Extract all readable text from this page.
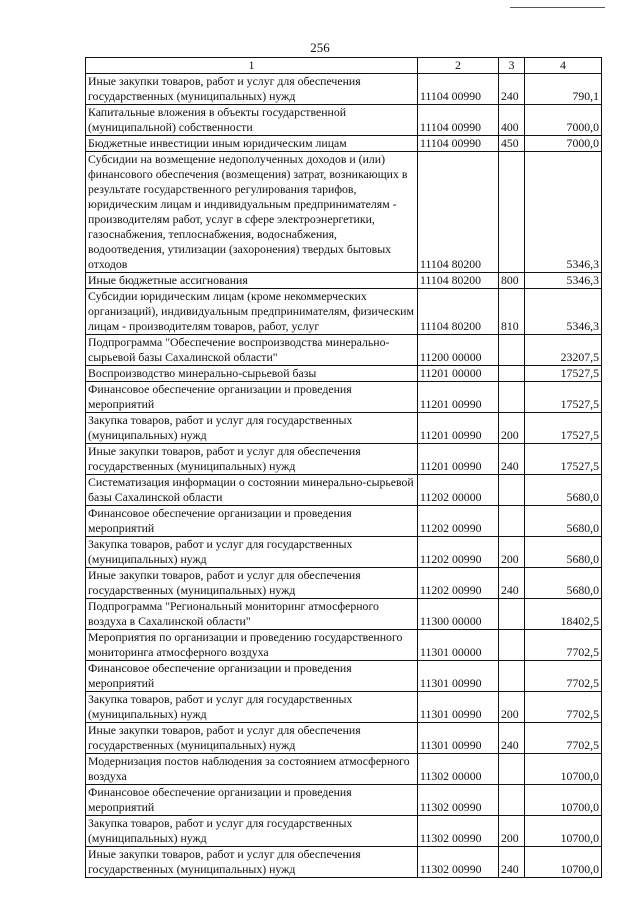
256
1	2	3	4
Иные закупки товаров, работ и услуг для обеспечения государственных (муниципальных) нужд	11104 00990	240	790,1
Капитальные вложения в объекты государственной (муниципальной) собственности	11104 00990	400	7000,0
Бюджетные инвестиции иным юридическим лицам	11104 00990	450	7000,0
Субсидии на возмещение недополученных доходов и (или) финансового обеспечения (возмещения) затрат, возникающих в результате государственного регулирования тарифов, юридическим лицам и индивидуальным предпринимателям - производителям работ, услуг в сфере электроэнергетики, газоснабжения, теплоснабжения, водоснабжения, водоотведения, утилизации (захоронения) твердых бытовых отходов	11104 80200		5346,3
Иные бюджетные ассигнования	11104 80200	800	5346,3
Субсидии юридическим лицам (кроме некоммерческих организаций), индивидуальным предпринимателям, физическим лицам - производителям товаров, работ, услуг	11104 80200	810	5346,3
Подпрограмма "Обеспечение воспроизводства минерально-сырьевой базы Сахалинской области"	11200 00000		23207,5
Воспроизводство минерально-сырьевой базы	11201 00000		17527,5
Финансовое обеспечение организации и проведения мероприятий	11201 00990		17527,5
Закупка товаров, работ и услуг для государственных (муниципальных) нужд	11201 00990	200	17527,5
Иные закупки товаров, работ и услуг для обеспечения государственных (муниципальных) нужд	11201 00990	240	17527,5
Систематизация информации о состоянии минерально-сырьевой базы Сахалинской области	11202 00000		5680,0
Финансовое обеспечение организации и проведения мероприятий	11202 00990		5680,0
Закупка товаров, работ и услуг для государственных (муниципальных) нужд	11202 00990	200	5680,0
Иные закупки товаров, работ и услуг для обеспечения государственных (муниципальных) нужд	11202 00990	240	5680,0
Подпрограмма "Региональный мониторинг атмосферного воздуха в Сахалинской области"	11300 00000		18402,5
Мероприятия по организации и проведению государственного мониторинга атмосферного воздуха	11301 00000		7702,5
Финансовое обеспечение организации и проведения мероприятий	11301 00990		7702,5
Закупка товаров, работ и услуг для государственных (муниципальных) нужд	11301 00990	200	7702,5
Иные закупки товаров, работ и услуг для обеспечения государственных (муниципальных) нужд	11301 00990	240	7702,5
Модернизация постов наблюдения за состоянием атмосферного воздуха	11302 00000		10700,0
Финансовое обеспечение организации и проведения мероприятий	11302 00990		10700,0
Закупка товаров, работ и услуг для государственных (муниципальных) нужд	11302 00990	200	10700,0
Иные закупки товаров, работ и услуг для обеспечения государственных (муниципальных) нужд	11302 00990	240	10700,0
